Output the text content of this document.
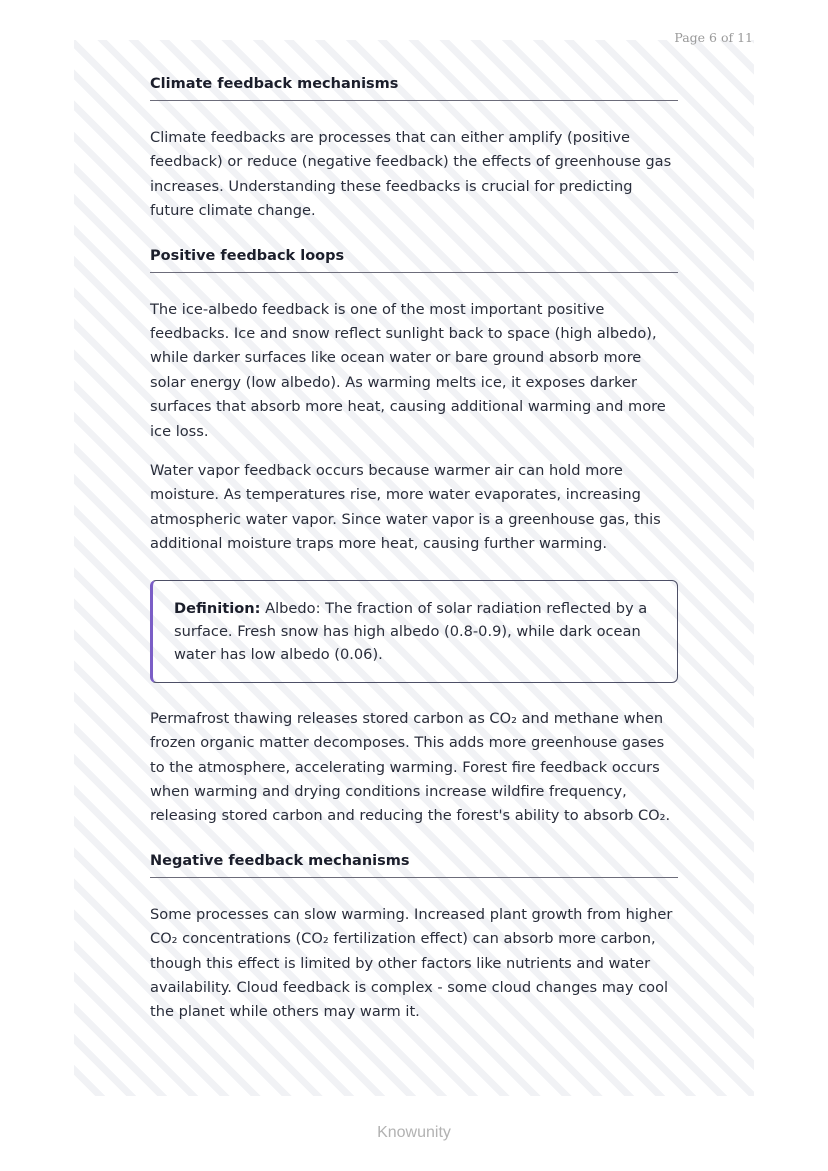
Page 6 of 11
Climate feedback mechanisms

Climate feedbacks are processes that can either amplify (positive feedback) or reduce (negative feedback) the effects of greenhouse gas increases. Understanding these feedbacks is crucial for predicting future climate change.

Positive feedback loops

The ice-albedo feedback is one of the most important positive feedbacks. Ice and snow reflect sunlight back to space (high albedo), while darker surfaces like ocean water or bare ground absorb more solar energy (low albedo). As warming melts ice, it exposes darker surfaces that absorb more heat, causing additional warming and more ice loss.

Water vapor feedback occurs because warmer air can hold more moisture. As temperatures rise, more water evaporates, increasing atmospheric water vapor. Since water vapor is a greenhouse gas, this additional moisture traps more heat, causing further warming.

Definition: Albedo: The fraction of solar radiation reflected by a surface. Fresh snow has high albedo (0.8-0.9), while dark ocean water has low albedo (0.06).

Permafrost thawing releases stored carbon as CO₂ and methane when frozen organic matter decomposes. This adds more greenhouse gases to the atmosphere, accelerating warming. Forest fire feedback occurs when warming and drying conditions increase wildfire frequency, releasing stored carbon and reducing the forest's ability to absorb CO₂.

Negative feedback mechanisms

Some processes can slow warming. Increased plant growth from higher CO₂ concentrations (CO₂ fertilization effect) can absorb more carbon, though this effect is limited by other factors like nutrients and water availability. Cloud feedback is complex - some cloud changes may cool the planet while others may warm it.

Knowunity
